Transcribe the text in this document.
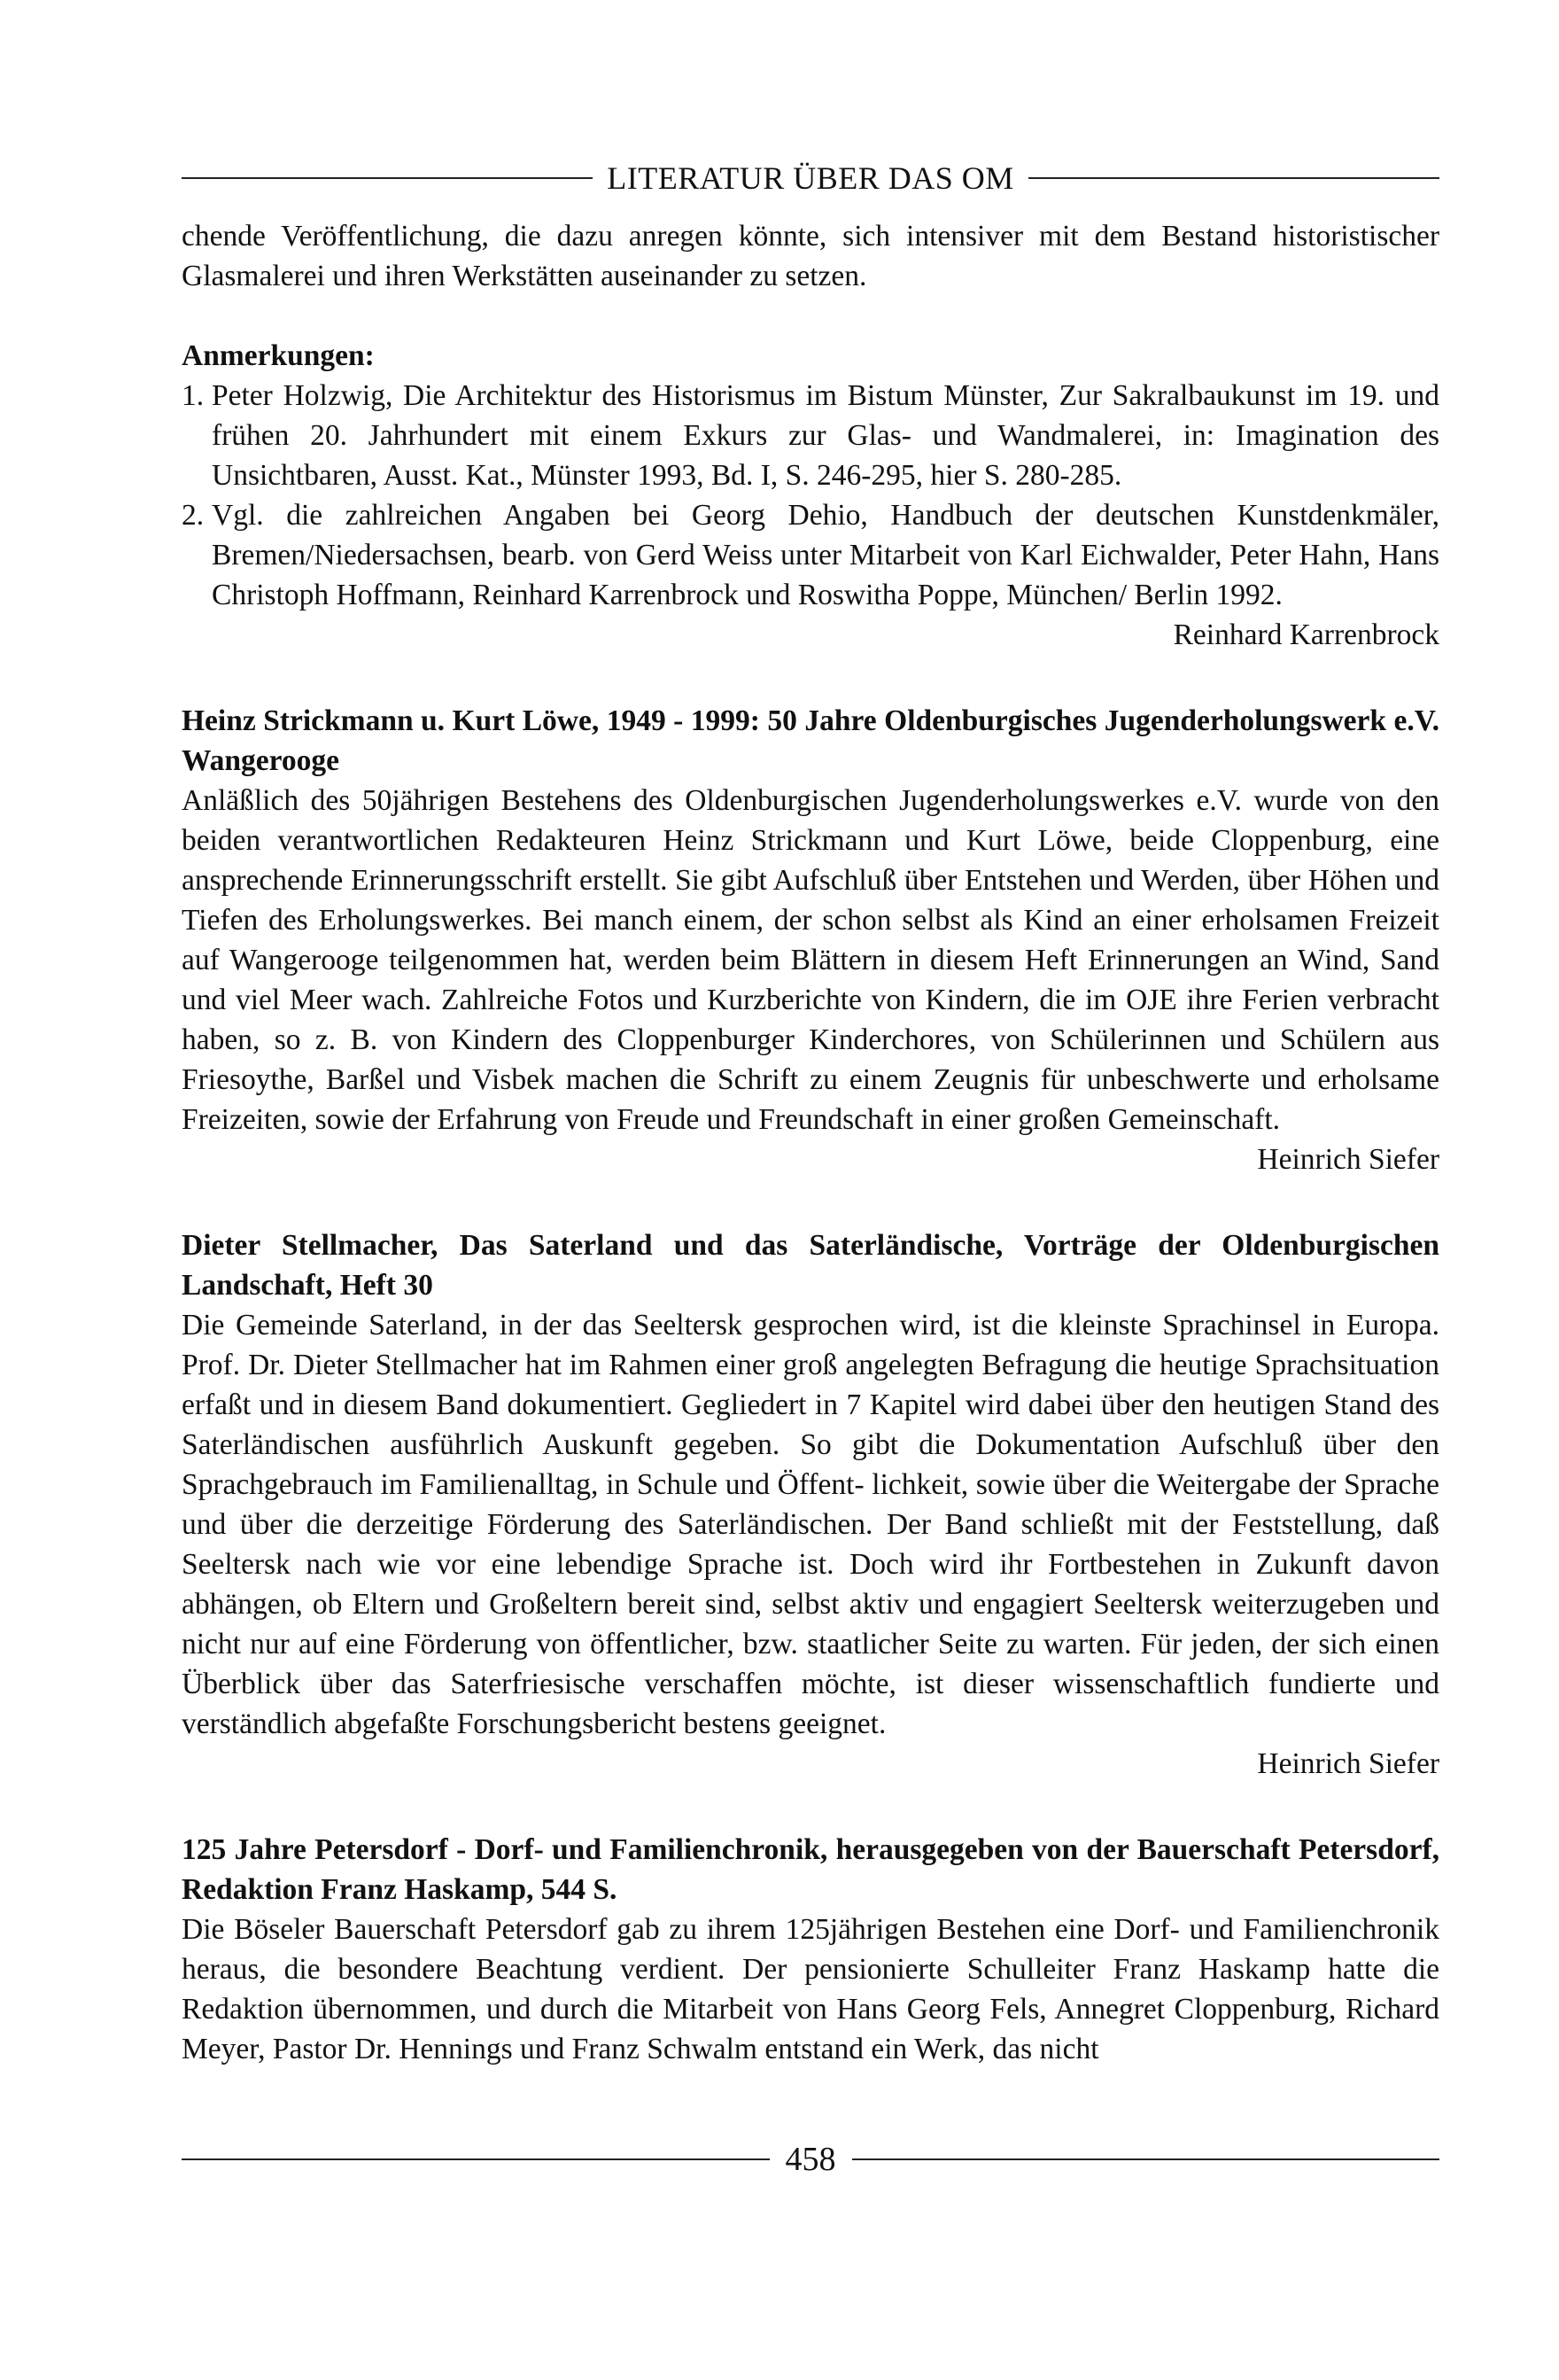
LITERATUR ÜBER DAS OM

chende Veröffentlichung, die dazu anregen könnte, sich intensiver mit dem Bestand historistischer Glasmalerei und ihren Werkstätten auseinander zu setzen.

Anmerkungen:
1. Peter Holzwig, Die Architektur des Historismus im Bistum Münster, Zur Sakralbaukunst im 19. und frühen 20. Jahrhundert mit einem Exkurs zur Glas- und Wandmalerei, in: Imagination des Unsichtbaren, Ausst. Kat., Münster 1993, Bd. I, S. 246-295, hier S. 280-285.
2. Vgl. die zahlreichen Angaben bei Georg Dehio, Handbuch der deutschen Kunstdenkmäler, Bremen/Niedersachsen, bearb. von Gerd Weiss unter Mitarbeit von Karl Eichwalder, Peter Hahn, Hans Christoph Hoffmann, Reinhard Karrenbrock und Roswitha Poppe, München/ Berlin 1992.
Reinhard Karrenbrock

Heinz Strickmann u. Kurt Löwe, 1949 - 1999: 50 Jahre Oldenburgisches Jugenderholungswerk e.V. Wangerooge

Anläßlich des 50jährigen Bestehens des Oldenburgischen Jugenderholungswerkes e.V. wurde von den beiden verantwortlichen Redakteuren Heinz Strickmann und Kurt Löwe, beide Cloppenburg, eine ansprechende Erinnerungsschrift erstellt. Sie gibt Aufschluß über Entstehen und Werden, über Höhen und Tiefen des Erholungswerkes. Bei manch einem, der schon selbst als Kind an einer erholsamen Freizeit auf Wangerooge teilgenommen hat, werden beim Blättern in diesem Heft Erinnerungen an Wind, Sand und viel Meer wach. Zahlreiche Fotos und Kurzberichte von Kindern, die im OJE ihre Ferien verbracht haben, so z. B. von Kindern des Cloppenburger Kinderchores, von Schülerinnen und Schülern aus Friesoythe, Barßel und Visbek machen die Schrift zu einem Zeugnis für unbeschwerte und erholsame Freizeiten, sowie der Erfahrung von Freude und Freundschaft in einer großen Gemeinschaft.

Heinrich Siefer

Dieter Stellmacher, Das Saterland und das Saterländische, Vorträge der Oldenburgischen Landschaft, Heft 30

Die Gemeinde Saterland, in der das Seeltersk gesprochen wird, ist die kleinste Sprachinsel in Europa. Prof. Dr. Dieter Stellmacher hat im Rahmen einer groß angelegten Befragung die heutige Sprachsituation erfaßt und in diesem Band dokumentiert. Gegliedert in 7 Kapitel wird dabei über den heutigen Stand des Saterländischen ausführlich Auskunft gegeben. So gibt die Dokumentation Aufschluß über den Sprachgebrauch im Familienalltag, in Schule und Öffent- lichkeit, sowie über die Weitergabe der Sprache und über die derzeitige Förderung des Saterländischen. Der Band schließt mit der Feststellung, daß Seeltersk nach wie vor eine lebendige Sprache ist. Doch wird ihr Fortbestehen in Zukunft davon abhängen, ob Eltern und Großeltern bereit sind, selbst aktiv und engagiert Seeltersk weiterzugeben und nicht nur auf eine Förderung von öffentlicher, bzw. staatlicher Seite zu warten. Für jeden, der sich einen Überblick über das Saterfriesische verschaffen möchte, ist dieser wissenschaftlich fundierte und verständlich abgefaßte Forschungsbericht bestens geeignet.

Heinrich Siefer

125 Jahre Petersdorf - Dorf- und Familienchronik, herausgegeben von der Bauerschaft Petersdorf, Redaktion Franz Haskamp, 544 S.

Die Böseler Bauerschaft Petersdorf gab zu ihrem 125jährigen Bestehen eine Dorf- und Familienchronik heraus, die besondere Beachtung verdient. Der pensionierte Schulleiter Franz Haskamp hatte die Redaktion übernommen, und durch die Mitarbeit von Hans Georg Fels, Annegret Cloppenburg, Richard Meyer, Pastor Dr. Hennings und Franz Schwalm entstand ein Werk, das nicht

458
